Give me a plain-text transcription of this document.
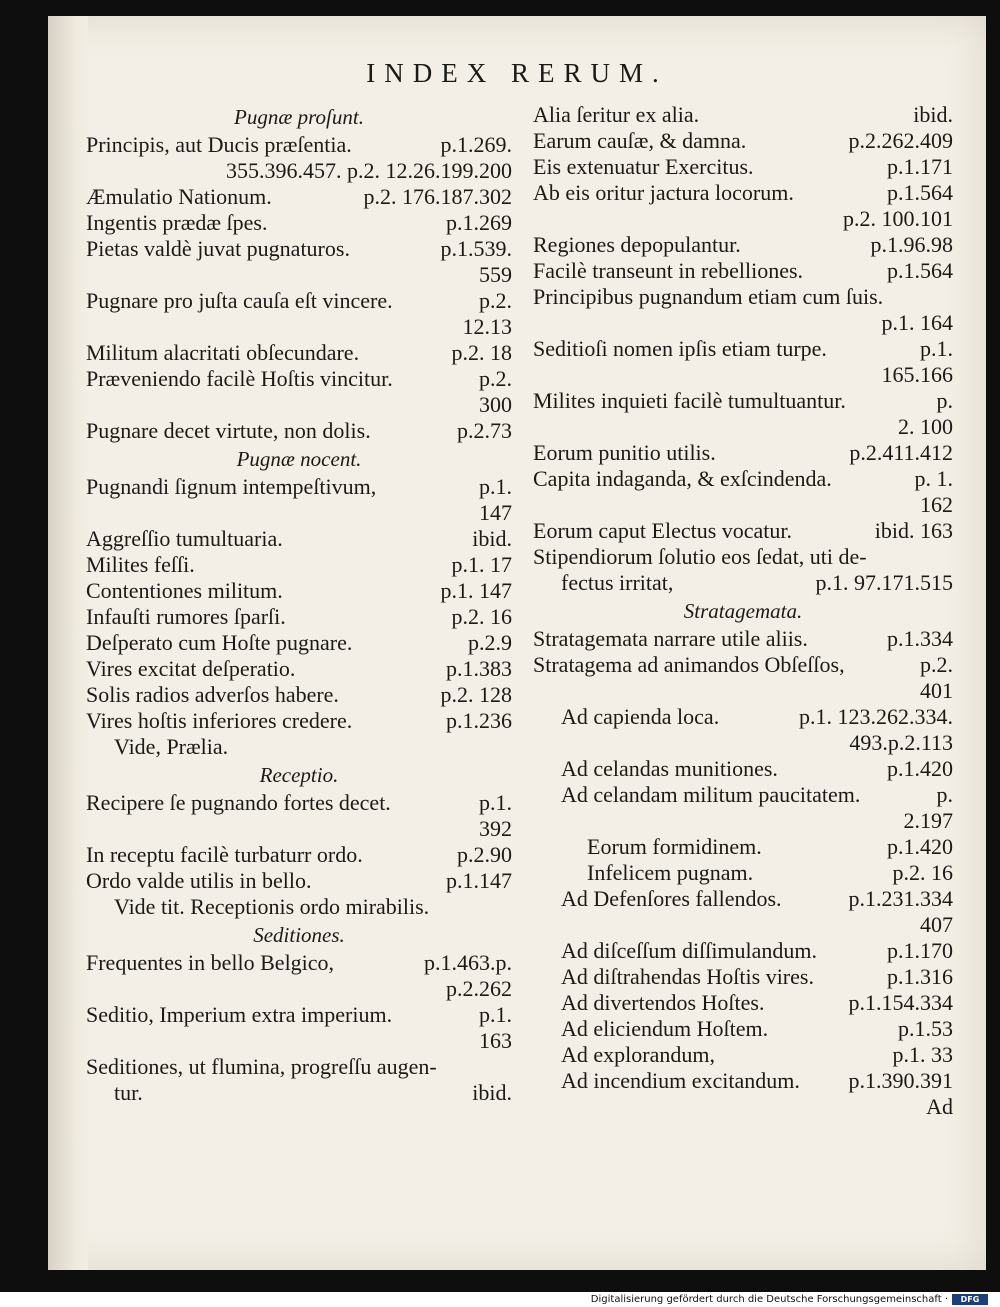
INDEX RERUM.
Pugnæ proſunt.
p.1.269.
Principis, aut Ducis præſentia.
355.396.457. p.2. 12.26.199.200
p.2. 176.187.302
Æmulatio Nationum.
p.1.269
Ingentis prædæ ſpes.
p.1.539.
Pietas valdè juvat pugnaturos.
559
p.2.
Pugnare pro juſta cauſa eſt vincere.
12.13
p.2. 18
Militum alacritati obſecundare.
p.2.
Præveniendo facilè Hoſtis vincitur.
300
p.2.73
Pugnare decet virtute, non dolis.
Pugnæ nocent.
p.1.
Pugnandi ſignum intempeſtivum,
147
ibid.
Aggreſſio tumultuaria.
p.1. 17
Milites feſſi.
p.1. 147
Contentiones militum.
p.2. 16
Infauſti rumores ſparſi.
p.2.9
Deſperato cum Hoſte pugnare.
p.1.383
Vires excitat deſperatio.
p.2. 128
Solis radios adverſos habere.
p.1.236
Vires hoſtis inferiores credere.
Vide, Prælia.
Receptio.
p.1.
Recipere ſe pugnando fortes decet.
392
p.2.90
In receptu facilè turbaturr ordo.
p.1.147
Ordo valde utilis in bello.
Vide tit. Receptionis ordo mirabilis.
Seditiones.
p.1.463.p.
Frequentes in bello Belgico,
p.2.262
p.1.
Seditio, Imperium extra imperium.
163
Seditiones, ut flumina, progreſſu augen-
ibid.
tur.
ibid.
Alia ſeritur ex alia.
p.2.262.409
Earum cauſæ, & damna.
p.1.171
Eis extenuatur Exercitus.
p.1.564
Ab eis oritur jactura locorum.
p.2. 100.101
p.1.96.98
Regiones depopulantur.
p.1.564
Facilè transeunt in rebelliones.
Principibus pugnandum etiam cum ſuis.
p.1. 164
p.1.
Seditioſi nomen ipſis etiam turpe.
165.166
p.
Milites inquieti facilè tumultuantur.
2. 100
p.2.411.412
Eorum punitio utilis.
p. 1.
Capita indaganda, & exſcindenda.
162
ibid. 163
Eorum caput Electus vocatur.
Stipendiorum ſolutio eos ſedat, uti de-
p.1. 97.171.515
fectus irritat,
Stratagemata.
p.1.334
Stratagemata narrare utile aliis.
p.2.
Stratagema ad animandos Obſeſſos,
401
p.1. 123.262.334.
Ad capienda loca.
493.p.2.113
p.1.420
Ad celandas munitiones.
p.
Ad celandam militum paucitatem.
2.197
p.1.420
Eorum formidinem.
p.2. 16
Infelicem pugnam.
p.1.231.334
Ad Defenſores fallendos.
407
p.1.170
Ad diſceſſum diſſimulandum.
p.1.316
Ad diſtrahendas Hoſtis vires.
p.1.154.334
Ad divertendos Hoſtes.
p.1.53
Ad eliciendum Hoſtem.
p.1. 33
Ad explorandum,
p.1.390.391
Ad incendium excitandum.
Ad
Digitalisierung gefördert durch die Deutsche Forschungsgemeinschaft ·	DFG
